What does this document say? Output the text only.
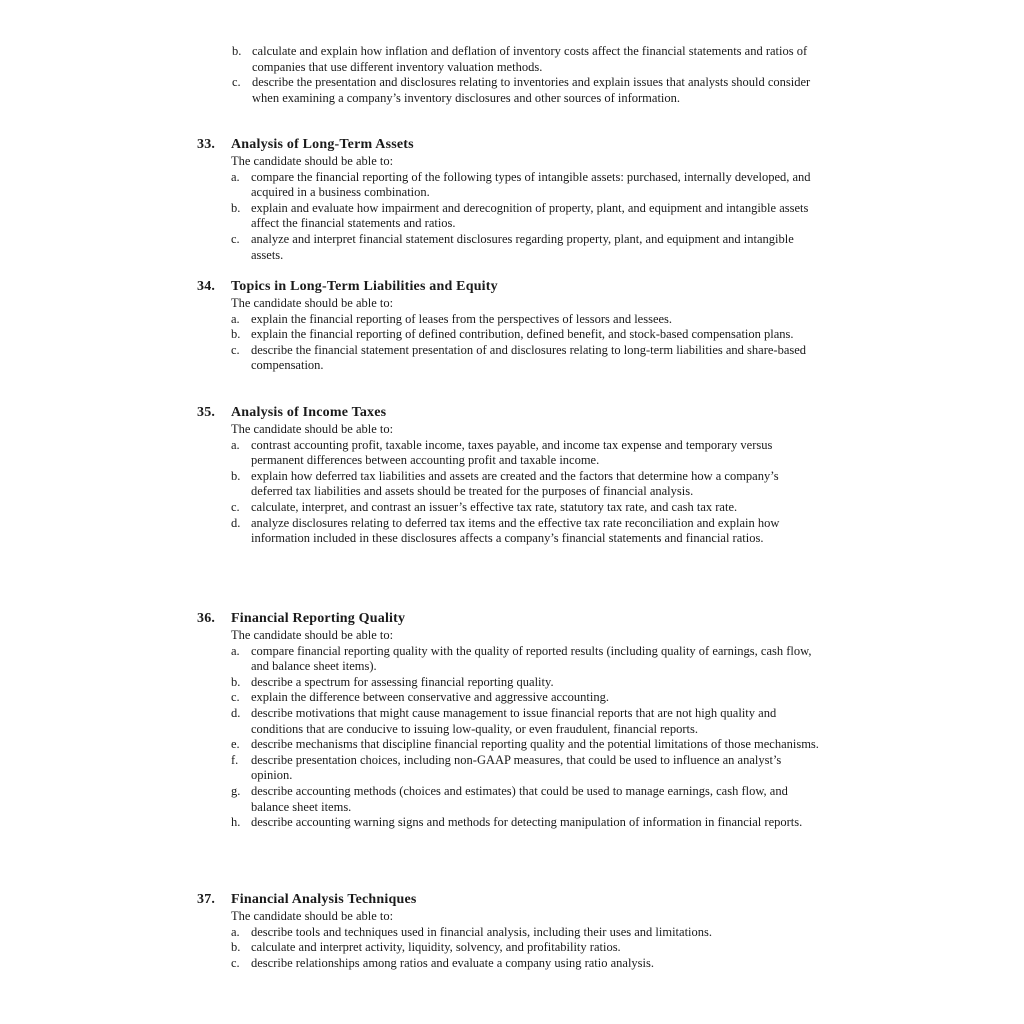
b. calculate and explain how inflation and deflation of inventory costs affect the financial statements and ratios of companies that use different inventory valuation methods.
c. describe the presentation and disclosures relating to inventories and explain issues that analysts should consider when examining a company’s inventory disclosures and other sources of information.
33. Analysis of Long-Term Assets
The candidate should be able to:
a. compare the financial reporting of the following types of intangible assets: purchased, internally developed, and acquired in a business combination.
b. explain and evaluate how impairment and derecognition of property, plant, and equipment and intangible assets affect the financial statements and ratios.
c. analyze and interpret financial statement disclosures regarding property, plant, and equipment and intangible assets.
34. Topics in Long-Term Liabilities and Equity
The candidate should be able to:
a. explain the financial reporting of leases from the perspectives of lessors and lessees.
b. explain the financial reporting of defined contribution, defined benefit, and stock-based compensation plans.
c. describe the financial statement presentation of and disclosures relating to long-term liabilities and share-based compensation.
35. Analysis of Income Taxes
The candidate should be able to:
a. contrast accounting profit, taxable income, taxes payable, and income tax expense and temporary versus permanent differences between accounting profit and taxable income.
b. explain how deferred tax liabilities and assets are created and the factors that determine how a company’s deferred tax liabilities and assets should be treated for the purposes of financial analysis.
c. calculate, interpret, and contrast an issuer’s effective tax rate, statutory tax rate, and cash tax rate.
d. analyze disclosures relating to deferred tax items and the effective tax rate reconciliation and explain how information included in these disclosures affects a company’s financial statements and financial ratios.
36. Financial Reporting Quality
The candidate should be able to:
a. compare financial reporting quality with the quality of reported results (including quality of earnings, cash flow, and balance sheet items).
b. describe a spectrum for assessing financial reporting quality.
c. explain the difference between conservative and aggressive accounting.
d. describe motivations that might cause management to issue financial reports that are not high quality and conditions that are conducive to issuing low-quality, or even fraudulent, financial reports.
e. describe mechanisms that discipline financial reporting quality and the potential limitations of those mechanisms.
f.	describe presentation choices, including non-GAAP measures, that could be used to influence an analyst’s opinion.
g. describe accounting methods (choices and estimates) that could be used to manage earnings, cash flow, and balance sheet items.
h. describe accounting warning signs and methods for detecting manipulation of information in financial reports.
37. Financial Analysis Techniques
The candidate should be able to:
a. describe tools and techniques used in financial analysis, including their uses and limitations.
b. calculate and interpret activity, liquidity, solvency, and profitability ratios.
c. describe relationships among ratios and evaluate a company using ratio analysis.
